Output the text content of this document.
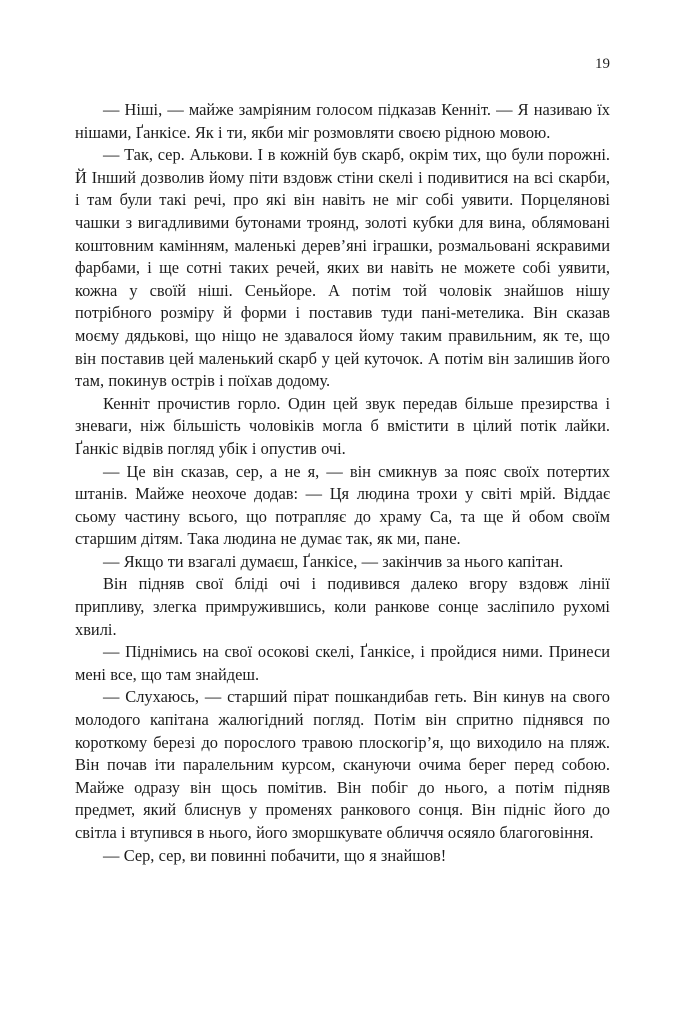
19

— Ніші, — майже замріяним голосом підказав Кенніт. — Я називаю їх нішами, Ґанкісе. Як і ти, якби міг розмовляти своєю рідною мовою.

— Так, сер. Алькови. І в кожній був скарб, окрім тих, що були порожні. Й Інший дозволив йому піти вздовж стіни скелі і подивитися на всі скарби, і там були такі речі, про які він навіть не міг собі уявити. Порцелянові чашки з вигадливими бутонами троянд, золоті кубки для вина, облямовані коштовним камінням, маленькі дерев’яні іграшки, розмальовані яскравими фарбами, і ще сотні таких речей, яких ви навіть не можете собі уявити, кожна у своїй ніші. Сеньйоре. А потім той чоловік знайшов нішу потрібного розміру й форми і поставив туди пані-метелика. Він сказав моєму дядькові, що ніщо не здавалося йому таким правильним, як те, що він поставив цей маленький скарб у цей куточок. А потім він залишив його там, покинув острів і поїхав додому.

Кенніт прочистив горло. Один цей звук передав більше презирства і зневаги, ніж більшість чоловіків могла б вмістити в цілий потік лайки. Ґанкіс відвів погляд убік і опустив очі.

— Це він сказав, сер, а не я, — він смикнув за пояс своїх потертих штанів. Майже неохоче додав: — Ця людина трохи у світі мрій. Віддає сьому частину всього, що потрапляє до храму Са, та ще й обом своїм старшим дітям. Така людина не думає так, як ми, пане.

— Якщо ти взагалі думаєш, Ґанкісе, — закінчив за нього капітан.

Він підняв свої бліді очі і подивився далеко вгору вздовж лінії припливу, злегка примружившись, коли ранкове сонце засліпило рухомі хвилі.

— Піднімись на свої осокові скелі, Ґанкісе, і пройдися ними. Принеси мені все, що там знайдеш.

— Слухаюсь, — старший пірат пошкандибав геть. Він кинув на свого молодого капітана жалюгідний погляд. Потім він спритно піднявся по короткому березі до порослого травою плоскогір’я, що виходило на пляж. Він почав іти паралельним курсом, скануючи очима берег перед собою. Майже одразу він щось помітив. Він побіг до нього, а потім підняв предмет, який блиснув у променях ранкового сонця. Він підніс його до світла і втупився в нього, його зморшкувате обличчя осяяло благоговіння.

— Сер, сер, ви повинні побачити, що я знайшов!
